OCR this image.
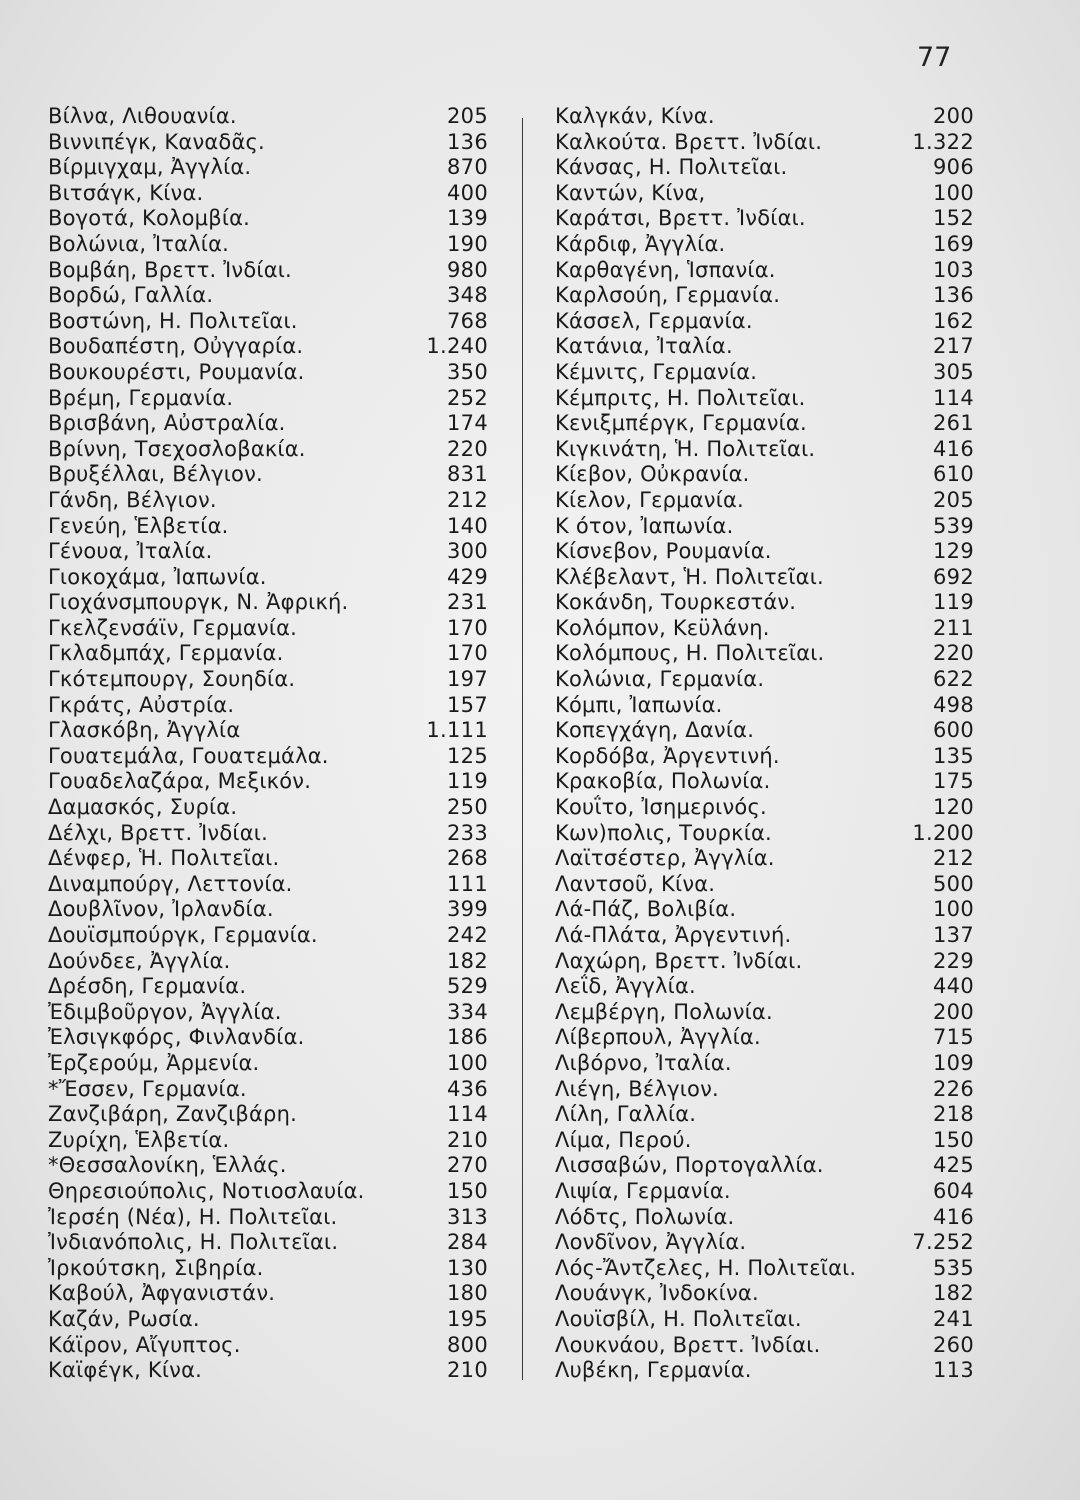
77
Βίλνα, Λιθουανία.	205
Βιννιπέγκ, Καναδᾶς.	136
Βίρμιγχαμ, Ἀγγλία.	870
Βιτσάγκ, Κίνα.	400
Βογοτά, Κολομβία.	139
Βολώνια, Ἰταλία.	190
Βομβάη, Βρεττ. Ἰνδίαι.	980
Βορδώ, Γαλλία.	348
Βοστώνη, Η. Πολιτεῖαι.	768
Βουδαπέστη, Οὐγγαρία.	1.240
Βουκουρέστι, Ρουμανία.	350
Βρέμη, Γερμανία.	252
Βρισβάνη, Αὐστραλία.	174
Βρίννη, Τσεχοσλοβακία.	220
Βρυξέλλαι, Βέλγιον.	831
Γάνδη, Βέλγιον.	212
Γενεύη, Ἑλβετία.	140
Γένουα, Ἰταλία.	300
Γιοκοχάμα, Ἰαπωνία.	429
Γιοχάνσμπουργκ, Ν. Ἀφρική.	231
Γκελζενσάϊν, Γερμανία.	170
Γκλαδμπάχ, Γερμανία.	170
Γκότεμπουργ, Σουηδία.	197
Γκράτς, Αὐστρία.	157
Γλασκόβη, Ἀγγλία	1.111
Γουατεμάλα, Γουατεμάλα.	125
Γουαδελαζάρα, Μεξικόν.	119
Δαμασκός, Συρία.	250
Δέλχι, Βρεττ. Ἰνδίαι.	233
Δένφερ, Ἡ. Πολιτεῖαι.	268
Διναμπούργ, Λεττονία.	111
Δουβλῖνον, Ἰρλανδία.	399
Δουϊσμπούργκ, Γερμανία.	242
Δούνδεε, Ἀγγλία.	182
Δρέσδη, Γερμανία.	529
Ἐδιμβοῦργον, Ἀγγλία.	334
Ἐλσιγκφόρς, Φινλανδία.	186
Ἐρζερούμ, Ἀρμενία.	100
*Ἔσσεν, Γερμανία.	436
Ζανζιβάρη, Ζανζιβάρη.	114
Ζυρίχη, Ἑλβετία.	210
*Θεσσαλονίκη, Ἑλλάς.	270
Θηρεσιούπολις, Νοτιοσλαυία.	150
Ἰερσέη (Νέα), Η. Πολιτεῖαι.	313
Ἰνδιανόπολις, Η. Πολιτεῖαι.	284
Ἰρκούτσκη, Σιβηρία.	130
Καβούλ, Ἀφγανιστάν.	180
Καζάν, Ρωσία.	195
Κάϊρον, Αἴγυπτος.	800
Καϊφέγκ, Κίνα.	210
Καλγκάν, Κίνα.	200
Καλκούτα. Βρεττ. Ἰνδίαι.	1.322
Κάνσας, Η. Πολιτεῖαι.	906
Καντών, Κίνα,	100
Καράτσι, Βρεττ. Ἰνδίαι.	152
Κάρδιφ, Ἀγγλία.	169
Καρθαγένη, Ἱσπανία.	103
Καρλσούη, Γερμανία.	136
Κάσσελ, Γερμανία.	162
Κατάνια, Ἰταλία.	217
Κέμνιτς, Γερμανία.	305
Κέμπριτς, Η. Πολιτεῖαι.	114
Κενιξμπέργκ, Γερμανία.	261
Κιγκινάτη, Ἡ. Πολιτεῖαι.	416
Κίεβον, Οὐκρανία.	610
Κίελον, Γερμανία.	205
Κ ότον, Ἰαπωνία.	539
Κίσνεβον, Ρουμανία.	129
Κλέβελαντ, Ἡ. Πολιτεῖαι.	692
Κοκάνδη, Τουρκεστάν.	119
Κολόμπον, Κεϋλάνη.	211
Κολόμπους, Η. Πολιτεῖαι.	220
Κολώνια, Γερμανία.	622
Κόμπι, Ἰαπωνία.	498
Κοπεγχάγη, Δανία.	600
Κορδόβα, Ἀργεντινή.	135
Κρακοβία, Πολωνία.	175
Κουΐτο, Ἰσημερινός.	120
Κων)πολις, Τουρκία.	1.200
Λαϊτσέστερ, Ἀγγλία.	212
Λαντσοῦ, Κίνα.	500
Λά-Πάζ, Βολιβία.	100
Λά-Πλάτα, Ἀργεντινή.	137
Λαχώρη, Βρεττ. Ἰνδίαι.	229
Λεΐδ, Ἀγγλία.	440
Λεμβέργη, Πολωνία.	200
Λίβερπουλ, Ἀγγλία.	715
Λιβόρνο, Ἰταλία.	109
Λιέγη, Βέλγιον.	226
Λίλη, Γαλλία.	218
Λίμα, Περού.	150
Λισσαβών, Πορτογαλλία.	425
Λιψία, Γερμανία.	604
Λόδτς, Πολωνία.	416
Λονδῖνον, Ἀγγλία.	7.252
Λός-Ἄντζελες, Η. Πολιτεῖαι.	535
Λουάνγκ, Ἰνδοκίνα.	182
Λουϊσβίλ, Η. Πολιτεῖαι.	241
Λουκνάου, Βρεττ. Ἰνδίαι.	260
Λυβέκη, Γερμανία.	113
